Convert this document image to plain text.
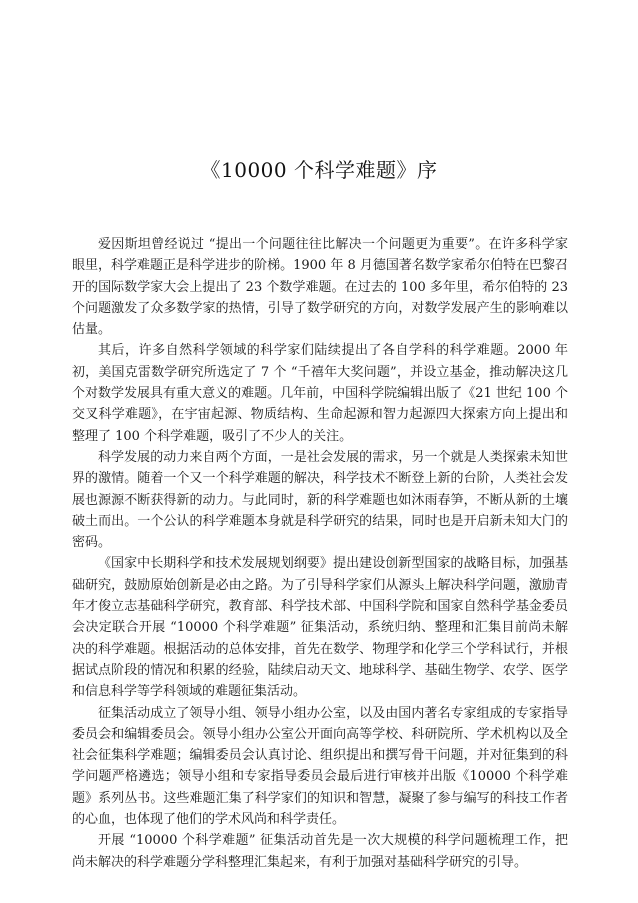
《10000 个科学难题》序

爱因斯坦曾经说过 “提出一个问题往往比解决一个问题更为重要”。在许多科学家眼里，科学难题正是科学进步的阶梯。1900 年 8 月德国著名数学家希尔伯特在巴黎召开的国际数学家大会上提出了 23 个数学难题。在过去的 100 多年里，希尔伯特的 23 个问题激发了众多数学家的热情，引导了数学研究的方向，对数学发展产生的影响难以估量。

其后，许多自然科学领域的科学家们陆续提出了各自学科的科学难题。2000 年初，美国克雷数学研究所选定了 7 个 “千禧年大奖问题”，并设立基金，推动解决这几个对数学发展具有重大意义的难题。几年前，中国科学院编辑出版了《21 世纪 100 个交叉科学难题》，在宇宙起源、物质结构、生命起源和智力起源四大探索方向上提出和整理了 100 个科学难题，吸引了不少人的关注。

科学发展的动力来自两个方面，一是社会发展的需求，另一个就是人类探索未知世界的激情。随着一个又一个科学难题的解决，科学技术不断登上新的台阶，人类社会发展也源源不断获得新的动力。与此同时，新的科学难题也如沐雨春笋，不断从新的土壤破土而出。一个公认的科学难题本身就是科学研究的结果，同时也是开启新未知大门的密码。

《国家中长期科学和技术发展规划纲要》提出建设创新型国家的战略目标，加强基础研究，鼓励原始创新是必由之路。为了引导科学家们从源头上解决科学问题，激励青年才俊立志基础科学研究，教育部、科学技术部、中国科学院和国家自然科学基金委员会决定联合开展 “10000 个科学难题” 征集活动，系统归纳、整理和汇集目前尚未解决的科学难题。根据活动的总体安排，首先在数学、物理学和化学三个学科试行，并根据试点阶段的情况和积累的经验，陆续启动天文、地球科学、基础生物学、农学、医学和信息科学等学科领域的难题征集活动。

征集活动成立了领导小组、领导小组办公室，以及由国内著名专家组成的专家指导委员会和编辑委员会。领导小组办公室公开面向高等学校、科研院所、学术机构以及全社会征集科学难题；编辑委员会认真讨论、组织提出和撰写骨干问题，并对征集到的科学问题严格遴选；领导小组和专家指导委员会最后进行审核并出版《10000 个科学难题》系列丛书。这些难题汇集了科学家们的知识和智慧，凝聚了参与编写的科技工作者的心血，也体现了他们的学术风尚和科学责任。

开展 “10000 个科学难题” 征集活动首先是一次大规模的科学问题梳理工作，把尚未解决的科学难题分学科整理汇集起来，有利于加强对基础科学研究的引导。
